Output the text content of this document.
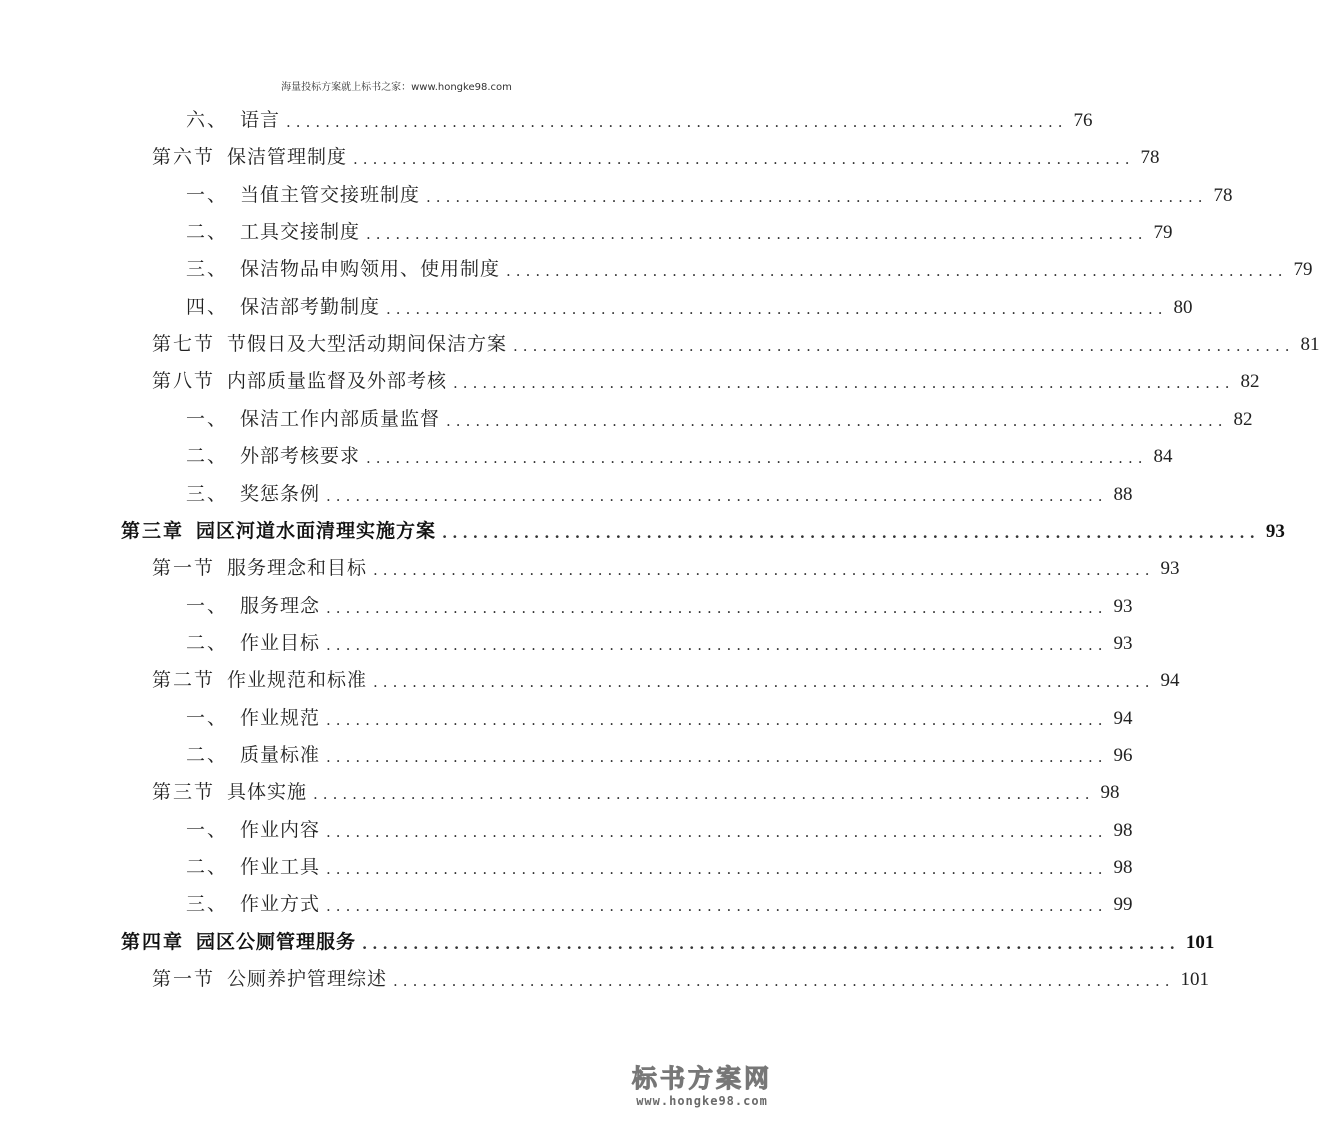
海量投标方案就上标书之家：www.hongke98.com
六、 语言 ................................................................................ 76
第六节 保洁管理制度 ................................................................................ 78
一、 当值主管交接班制度 ................................................................................ 78
二、 工具交接制度 ................................................................................ 79
三、 保洁物品申购领用、使用制度 ................................................................................ 79
四、 保洁部考勤制度 ................................................................................ 80
第七节 节假日及大型活动期间保洁方案 ................................................................................ 81
第八节 内部质量监督及外部考核 ................................................................................ 82
一、 保洁工作内部质量监督 ................................................................................ 82
二、 外部考核要求 ................................................................................ 84
三、 奖惩条例 ................................................................................ 88
第三章 园区河道水面清理实施方案 ................................................................................ 93
第一节 服务理念和目标 ................................................................................ 93
一、 服务理念 ................................................................................ 93
二、 作业目标 ................................................................................ 93
第二节 作业规范和标准 ................................................................................ 94
一、 作业规范 ................................................................................ 94
二、 质量标准 ................................................................................ 96
第三节 具体实施 ................................................................................ 98
一、 作业内容 ................................................................................ 98
二、 作业工具 ................................................................................ 98
三、 作业方式 ................................................................................ 99
第四章 园区公厕管理服务 ................................................................................ 101
第一节 公厕养护管理综述 ................................................................................ 101
标书方案网
www.hongke98.com
